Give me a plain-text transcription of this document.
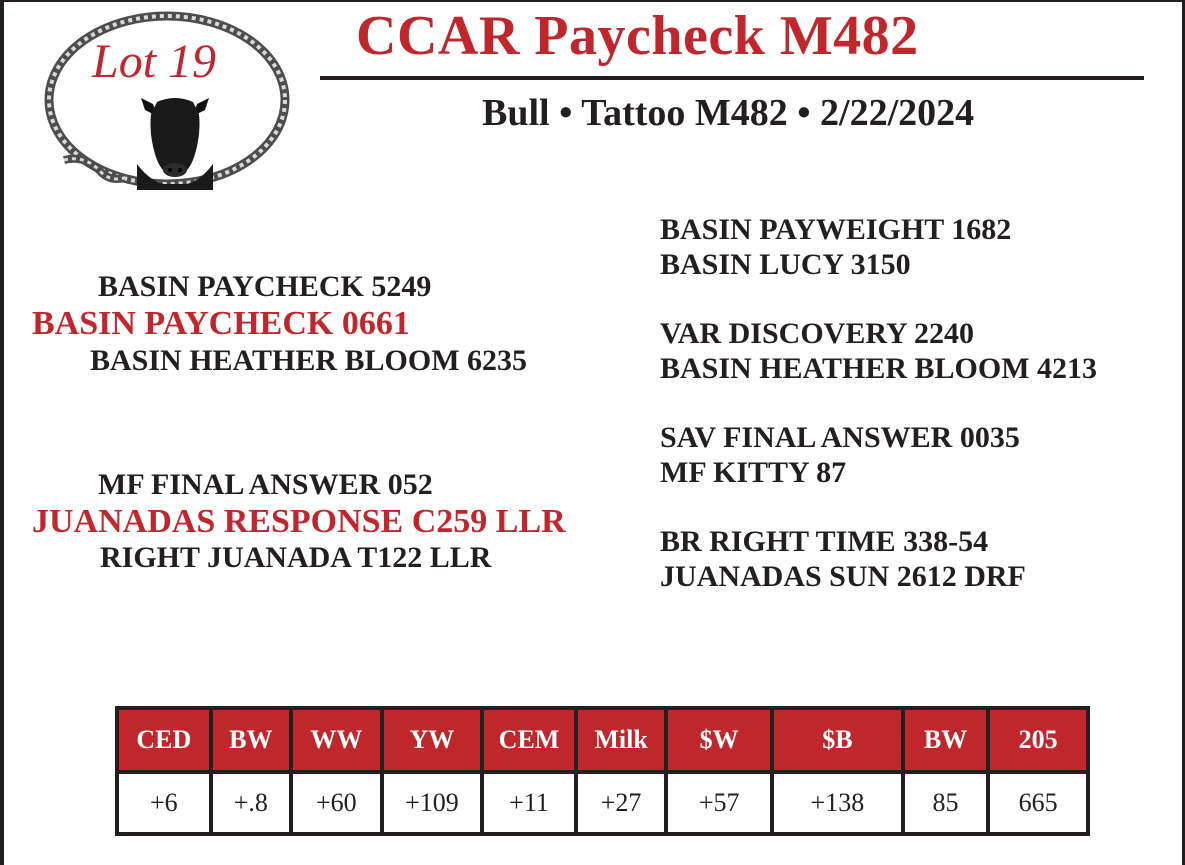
Lot 19 CCAR Paycheck M482
Bull • Tattoo M482 • 2/22/2024
BASIN PAYCHECK 5249
BASIN PAYCHECK 0661
BASIN HEATHER BLOOM 6235
MF FINAL ANSWER 052
JUANADAS RESPONSE C259 LLR
RIGHT JUANADA T122 LLR
BASIN PAYWEIGHT 1682
BASIN LUCY 3150
VAR DISCOVERY 2240
BASIN HEATHER BLOOM 4213
SAV FINAL ANSWER 0035
MF KITTY 87
BR RIGHT TIME 338-54
JUANADAS SUN 2612 DRF
CED	BW	WW	YW	CEM	Milk	$W	$B	BW	205
+6	+.8	+60	+109	+11	+27	+57	+138	85	665
